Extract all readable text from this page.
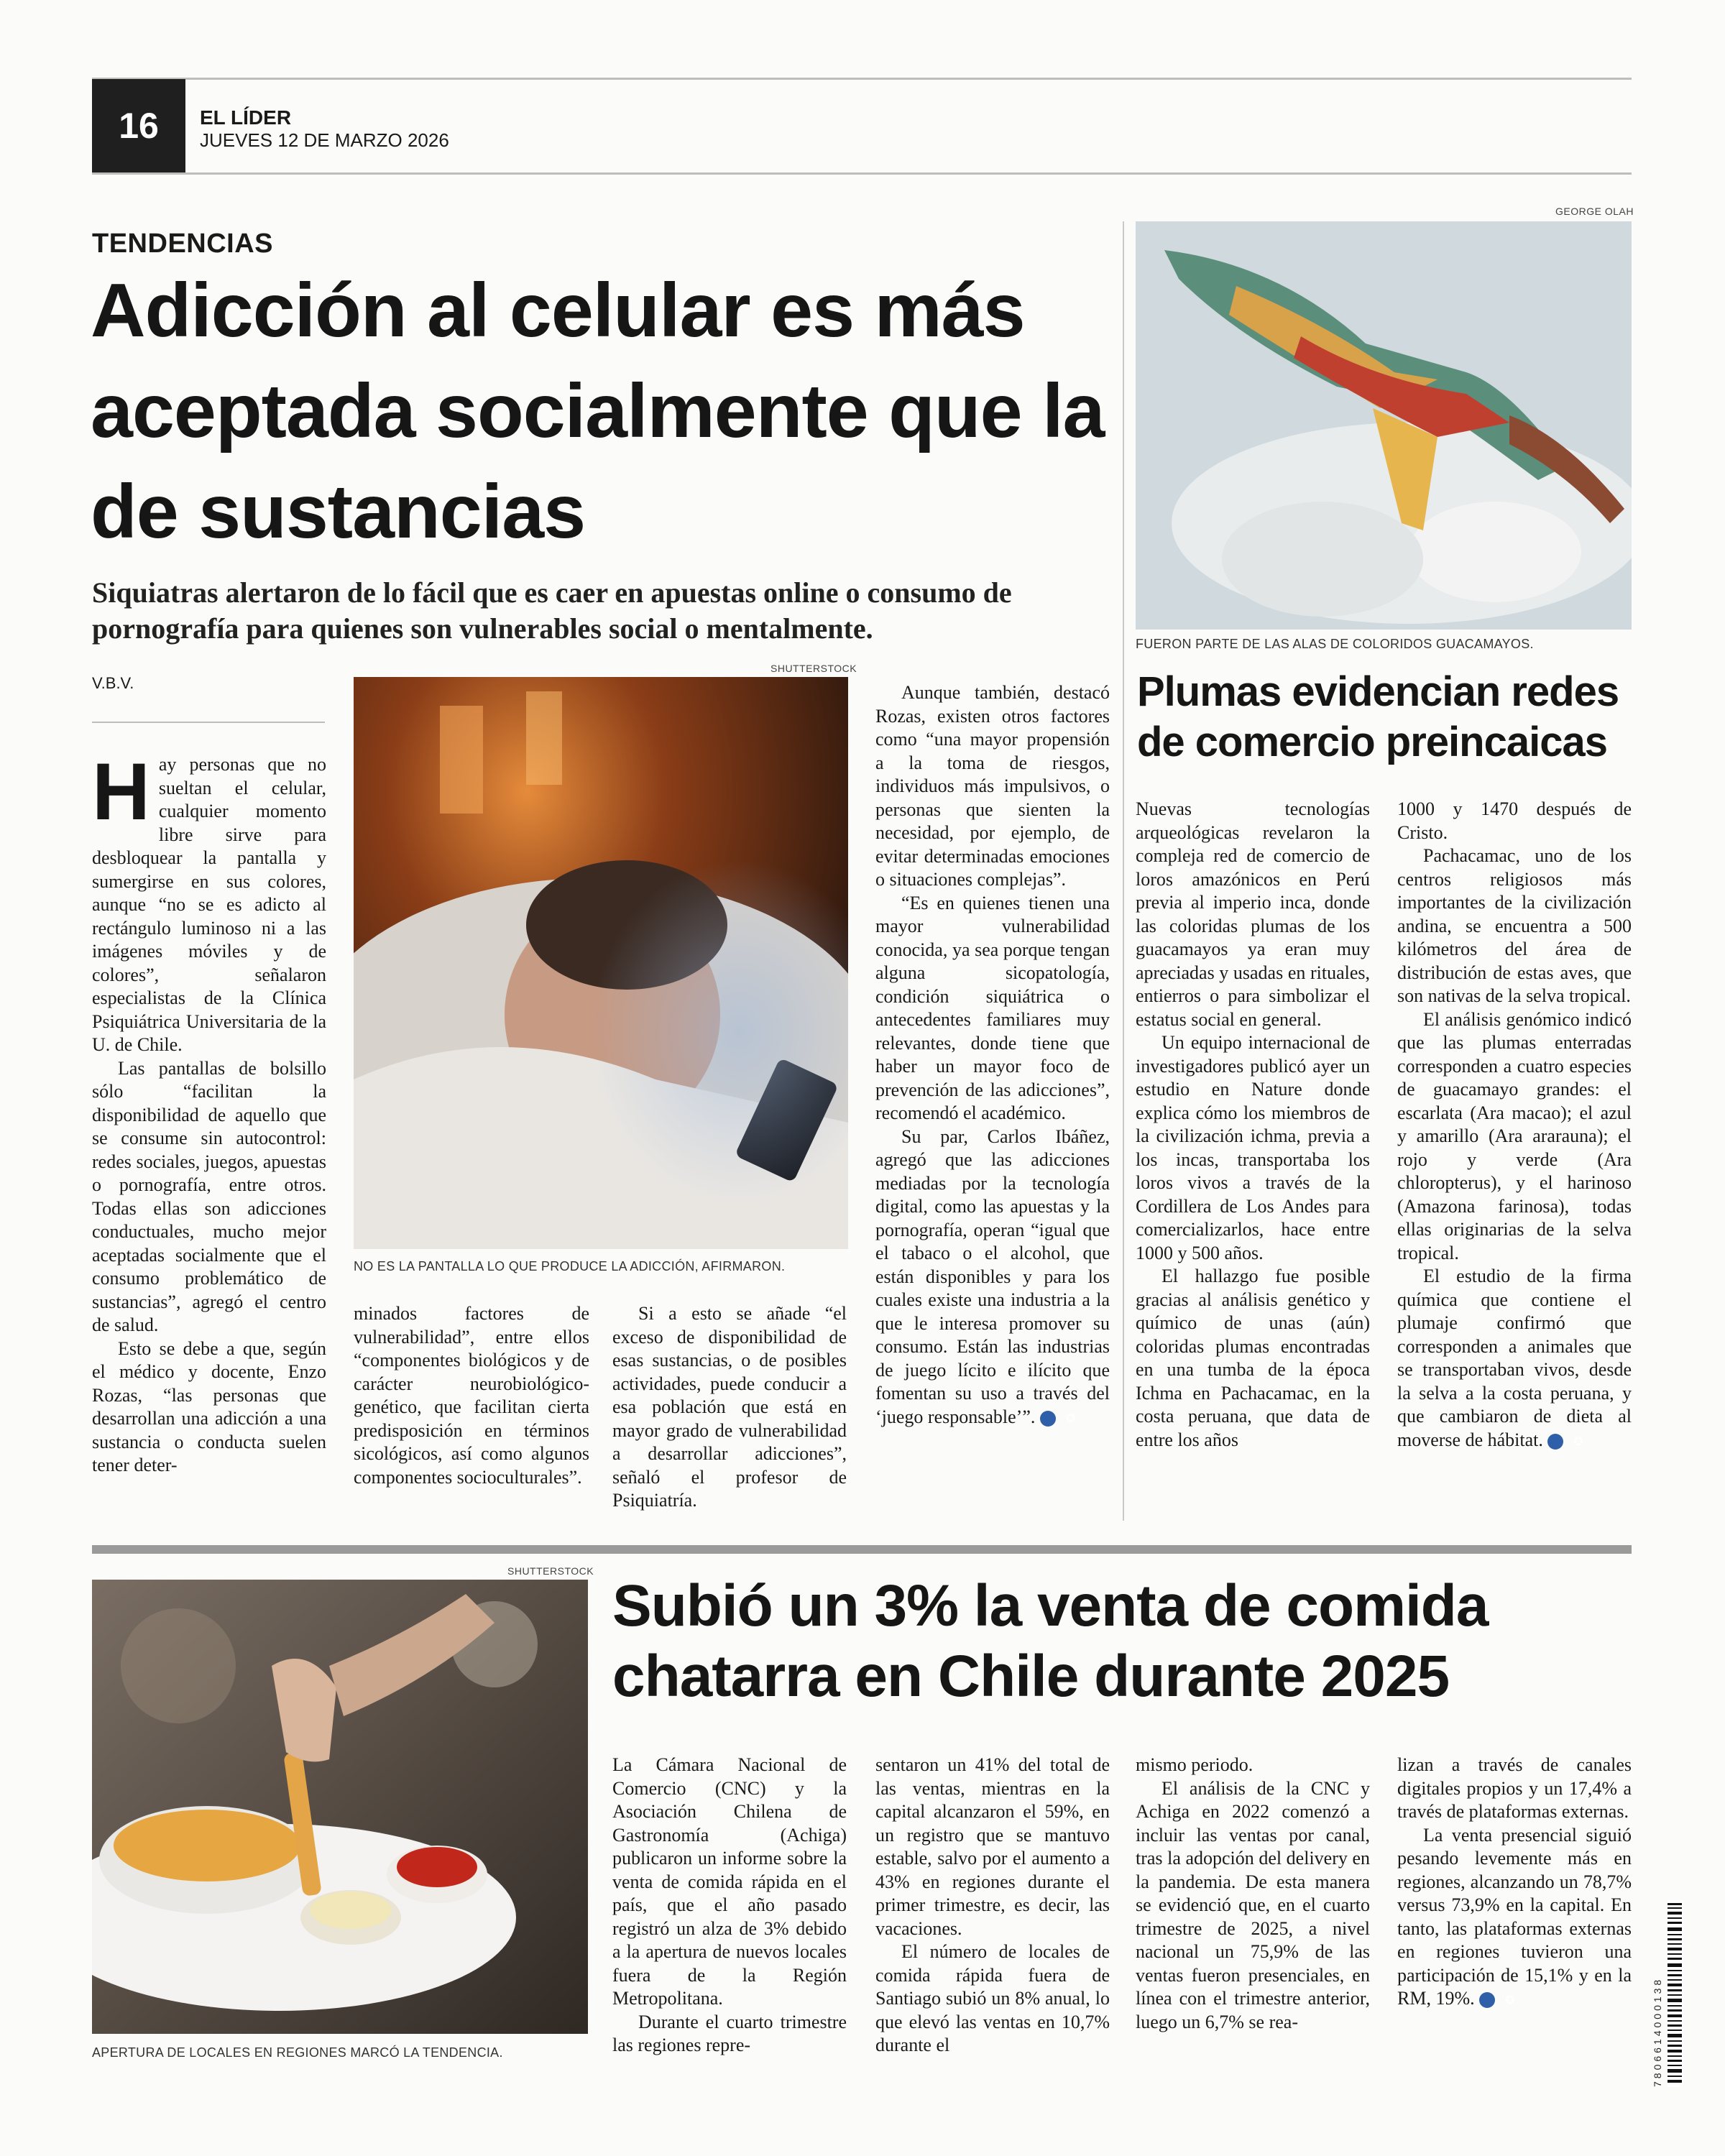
16	EL LÍDER
JUEVES 12 DE MARZO 2026
TENDENCIAS
Adicción al celular es más aceptada socialmente que la de sustancias
Siquiatras alertaron de lo fácil que es caer en apuestas online o consumo de pornografía para quienes son vulnerables social o mentalmente.
V.B.V.
SHUTTERSTOCK
NO ES LA PANTALLA LO QUE PRODUCE LA ADICCIÓN, AFIRMARON.

Hay personas que no sueltan el celular, cualquier momento libre sirve para desbloquear la pantalla y sumergirse en sus colores, aunque “no se es adicto al rectángulo luminoso ni a las imágenes móviles y de colores”, señalaron especialistas de la Clínica Psiquiátrica Universitaria de la U. de Chile.

Las pantallas de bolsillo sólo “facilitan la disponibilidad de aquello que se consume sin autocontrol: redes sociales, juegos, apuestas o pornografía, entre otros. Todas ellas son adicciones conductuales, mucho mejor aceptadas socialmente que el consumo problemático de sustancias”, agregó el centro de salud.

Esto se debe a que, según el médico y docente, Enzo Rozas, “las personas que desarrollan una adicción a una sustancia o conducta suelen tener deter-

minados factores de vulnerabilidad”, entre ellos “componentes biológicos y de carácter neurobiológico-genético, que facilitan cierta predisposición en términos sicológicos, así como algunos componentes socioculturales”.

Si a esto se añade “el exceso de disponibilidad de esas sustancias, o de posibles actividades, puede conducir a esa población que está en mayor grado de vulnerabilidad a desarrollar adicciones”, señaló el profesor de Psiquiatría.

Aunque también, destacó Rozas, existen otros factores como “una mayor propensión a la toma de riesgos, individuos más impulsivos, o personas que sienten la necesidad, por ejemplo, de evitar determinadas emociones o situaciones complejas”.

“Es en quienes tienen una mayor vulnerabilidad conocida, ya sea porque tengan alguna sicopatología, condición siquiátrica o antecedentes familiares muy relevantes, donde tiene que haber un mayor foco de prevención de las adicciones”, recomendó el académico.

Su par, Carlos Ibáñez, agregó que las adicciones mediadas por la tecnología digital, como las apuestas y la pornografía, operan “igual que el tabaco o el alcohol, que están disponibles y para los cuales existe una industria a la que le interesa promover su consumo. Están las industrias de juego lícito e ilícito que fomentan su uso a través del ‘juego responsable’”.	✪

GEORGE OLAH
FUERON PARTE DE LAS ALAS DE COLORIDOS GUACAMAYOS.
Plumas evidencian redes de comercio preincaicas

Nuevas tecnologías arqueológicas revelaron la compleja red de comercio de loros amazónicos en Perú previa al imperio inca, donde las coloridas plumas de los guacamayos ya eran muy apreciadas y usadas en rituales, entierros o para simbolizar el estatus social en general.

Un equipo internacional de investigadores publicó ayer un estudio en Nature donde explica cómo los miembros de la civilización ichma, previa a los incas, transportaba los loros vivos a través de la Cordillera de Los Andes para comercializarlos, hace entre 1000 y 500 años.

El hallazgo fue posible gracias al análisis genético y químico de unas (aún) coloridas plumas encontradas en una tumba de la época Ichma en Pachacamac, en la costa peruana, que data de entre los años

1000 y 1470 después de Cristo.

Pachacamac, uno de los centros religiosos más importantes de la civilización andina, se encuentra a 500 kilómetros del área de distribución de estas aves, que son nativas de la selva tropical.

El análisis genómico indicó que las plumas enterradas corresponden a cuatro especies de guacamayo grandes: el escarlata (Ara macao); el azul y amarillo (Ara ararauna); el rojo y verde (Ara chloropterus), y el harinoso (Amazona farinosa), todas ellas originarias de la selva tropical.

El estudio de la firma química que contiene el plumaje confirmó que corresponden a animales que se transportaban vivos, desde la selva a la costa peruana, y que cambiaron de dieta al moverse de hábitat.	✪

SHUTTERSTOCK
APERTURA DE LOCALES EN REGIONES MARCÓ LA TENDENCIA.
Subió un 3% la venta de comida chatarra en Chile durante 2025

La Cámara Nacional de Comercio (CNC) y la Asociación Chilena de Gastronomía (Achiga) publicaron un informe sobre la venta de comida rápida en el país, que el año pasado registró un alza de 3% debido a la apertura de nuevos locales fuera de la Región Metropolitana.

Durante el cuarto trimestre las regiones repre-

sentaron un 41% del total de las ventas, mientras en la capital alcanzaron el 59%, en un registro que se mantuvo estable, salvo por el aumento a 43% en regiones durante el primer trimestre, es decir, las vacaciones.

El número de locales de comida rápida fuera de Santiago subió un 8% anual, lo que elevó las ventas en 10,7% durante el

mismo periodo.

El análisis de la CNC y Achiga en 2022 comenzó a incluir las ventas por canal, tras la adopción del delivery en la pandemia. De esta manera se evidenció que, en el cuarto trimestre de 2025, a nivel nacional un 75,9% de las ventas fueron presenciales, en línea con el trimestre anterior, luego un 6,7% se rea-

lizan a través de canales digitales propios y un 17,4% a través de plataformas externas.

La venta presencial siguió pesando levemente más en regiones, alcanzando un 78,7% versus 73,9% en la capital. En tanto, las plataformas externas en regiones tuvieron una participación de 15,1% y en la RM, 19%.	✪	7806614000138
